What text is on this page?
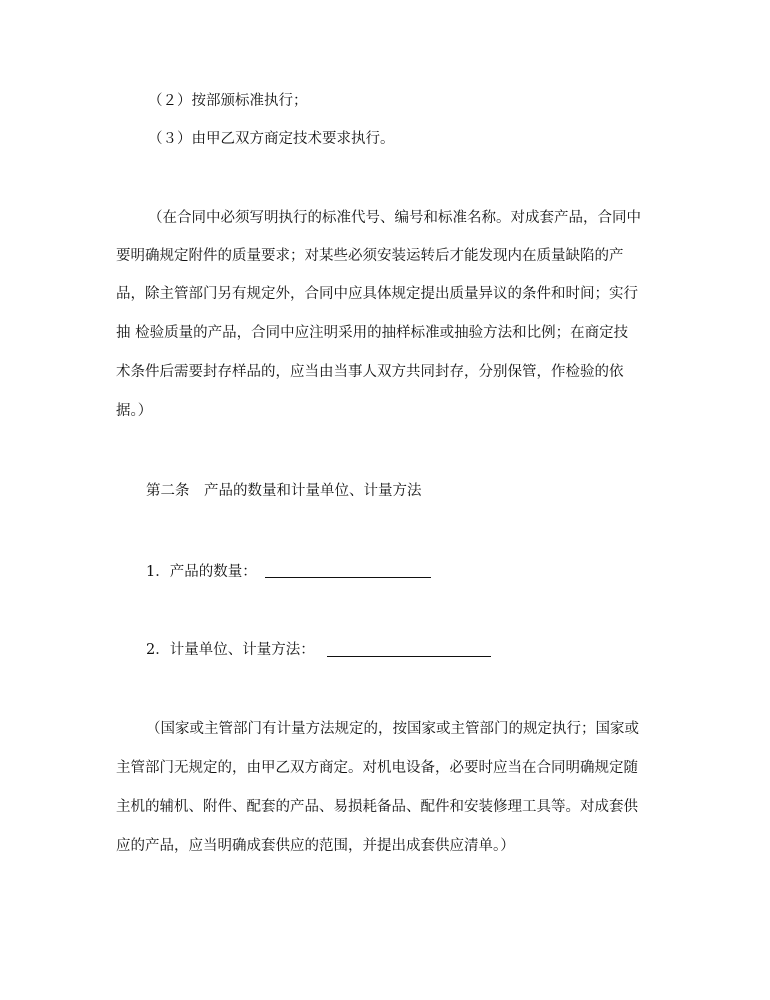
（２）按部颁标准执行；
（３）由甲乙双方商定技术要求执行。
（在合同中必须写明执行的标准代号、编号和标准名称。对成套产品，合同中
要明确规定附件的质量要求；对某些必须安装运转后才能发现内在质量缺陷的产
品，除主管部门另有规定外，合同中应具体规定提出质量异议的条件和时间；实行
抽 检验质量的产品，合同中应注明采用的抽样标准或抽验方法和比例；在商定技
术条件后需要封存样品的，应当由当事人双方共同封存，分别保管，作检验的依
据。）
第二条　产品的数量和计量单位、计量方法
1．产品的数量：
2．计量单位、计量方法：
（国家或主管部门有计量方法规定的，按国家或主管部门的规定执行；国家或
主管部门无规定的，由甲乙双方商定。对机电设备，必要时应当在合同明确规定随
主机的辅机、附件、配套的产品、易损耗备品、配件和安装修理工具等。对成套供
应的产品，应当明确成套供应的范围，并提出成套供应清单。）
